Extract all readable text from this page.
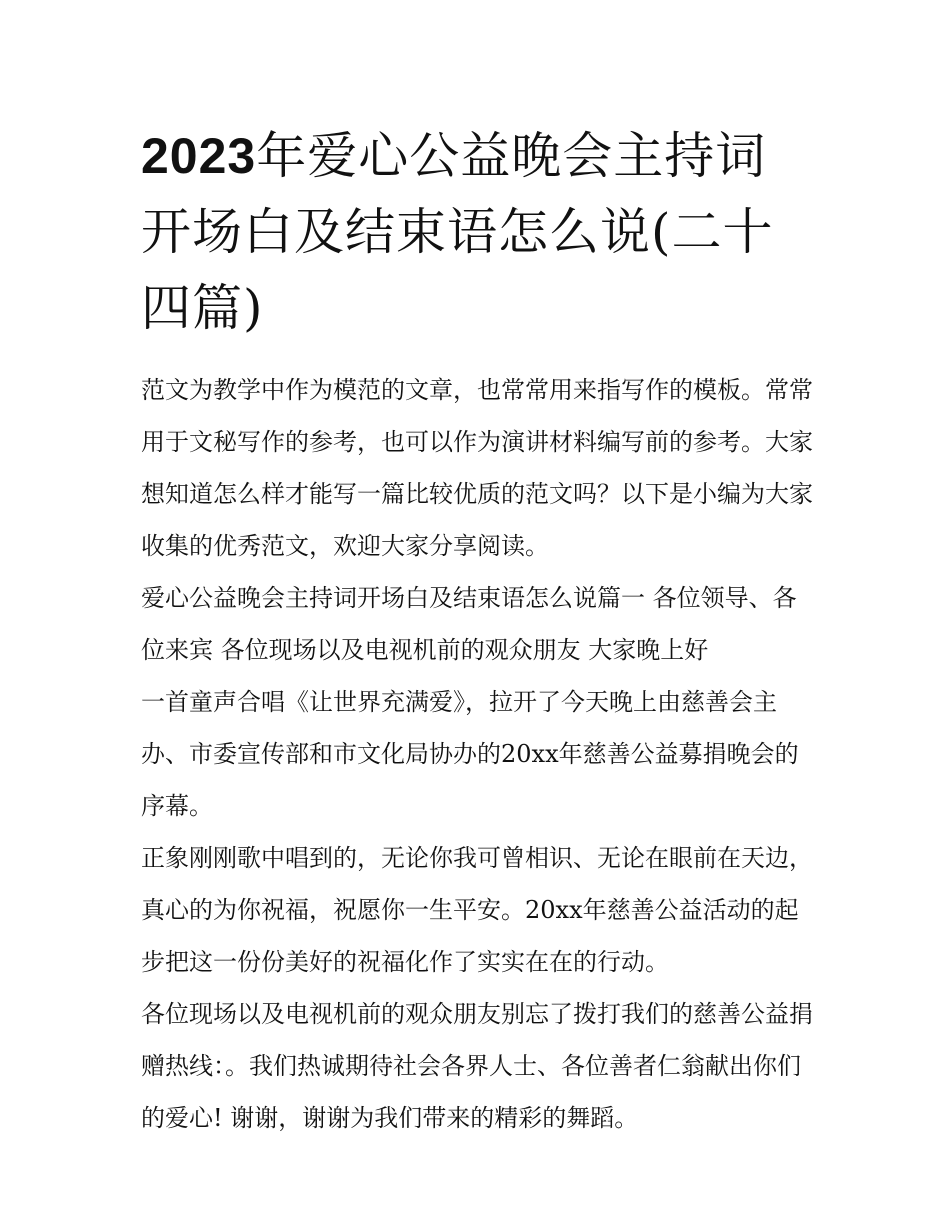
2023年爱心公益晚会主持词开场白及结束语怎么说(二十四篇)

范文为教学中作为模范的文章，也常常用来指写作的模板。常常用于文秘写作的参考，也可以作为演讲材料编写前的参考。大家想知道怎么样才能写一篇比较优质的范文吗？以下是小编为大家收集的优秀范文，欢迎大家分享阅读。

爱心公益晚会主持词开场白及结束语怎么说篇一 各位领导、各位来宾 各位现场以及电视机前的观众朋友 大家晚上好

一首童声合唱《让世界充满爱》，拉开了今天晚上由慈善会主办、市委宣传部和市文化局协办的20xx年慈善公益募捐晚会的序幕。

正象刚刚歌中唱到的，无论你我可曾相识、无论在眼前在天边，真心的为你祝福，祝愿你一生平安。20xx年慈善公益活动的起步把这一份份美好的祝福化作了实实在在的行动。

各位现场以及电视机前的观众朋友别忘了拨打我们的慈善公益捐赠热线：。我们热诚期待社会各界人士、各位善者仁翁献出你们的爱心! 谢谢，谢谢为我们带来的精彩的舞蹈。
